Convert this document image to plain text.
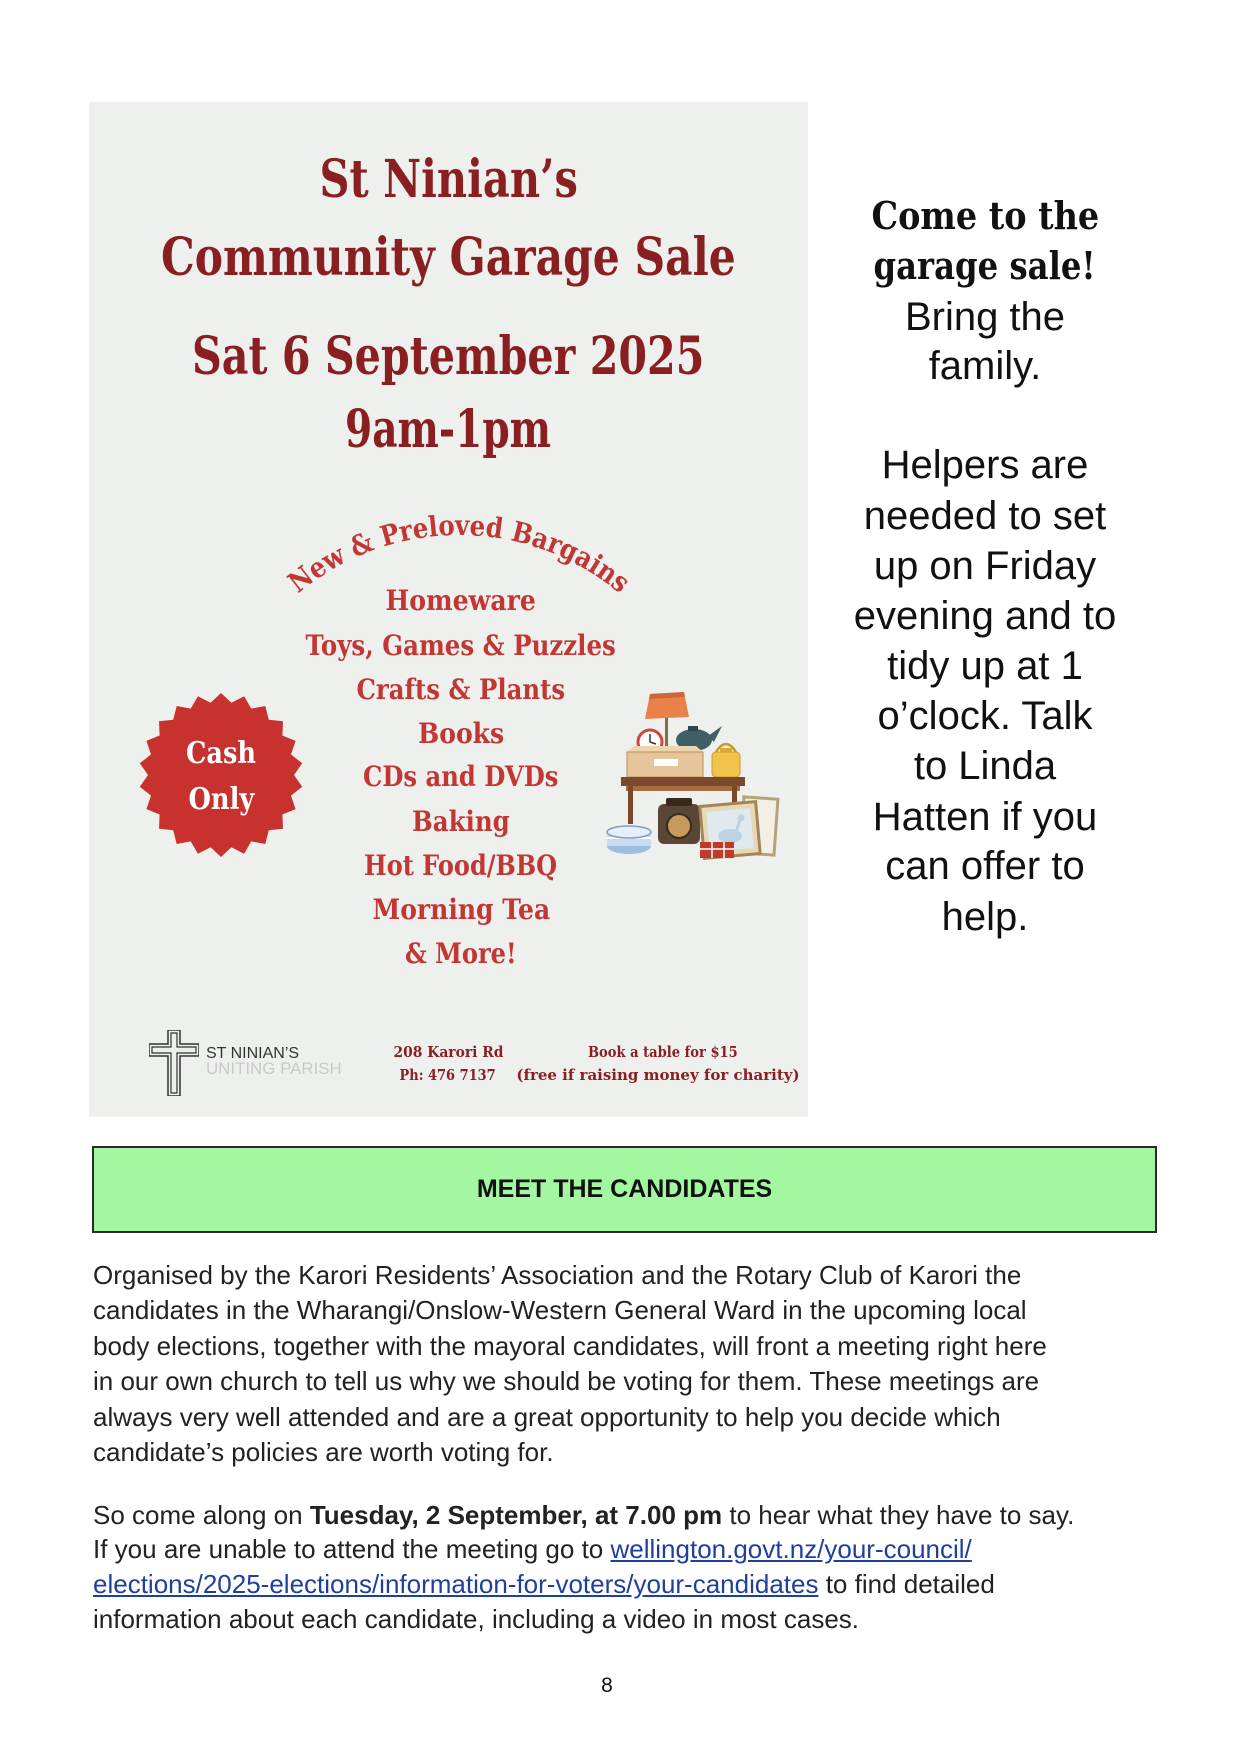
New & Preloved Bargains
St Ninian’s
Community Garage Sale
Sat 6 September 2025
9am-1pm
Homeware
Toys, Games & Puzzles
Crafts & Plants
Books
CDs and DVDs
Baking
Hot Food/BBQ
Morning Tea
& More!
Cash
Only
ST NINIAN’S
UNITING PARISH
208 Karori Rd
Ph: 476 7137
Book a table for $15
(free if raising money for charity)
Come to the
garage sale!
Bring the
family.
Helpers are
needed to set
up on Friday
evening and to
tidy up at 1
o’clock. Talk
to Linda
Hatten if you
can offer to
help.
MEET THE CANDIDATES
Organised by the Karori Residents’ Association and the Rotary Club of Karori the
candidates in the Wharangi/Onslow-Western General Ward in the upcoming local
body elections, together with the mayoral candidates, will front a meeting right here
in our own church to tell us why we should be voting for them. These meetings are
always very well attended and are a great opportunity to help you decide which
candidate’s policies are worth voting for.
So come along on Tuesday, 2 September, at 7.00 pm to hear what they have to say.
If you are unable to attend the meeting go to wellington.govt.nz/your-council/
elections/2025-elections/information-for-voters/your-candidates to find detailed
information about each candidate, including a video in most cases.
8
